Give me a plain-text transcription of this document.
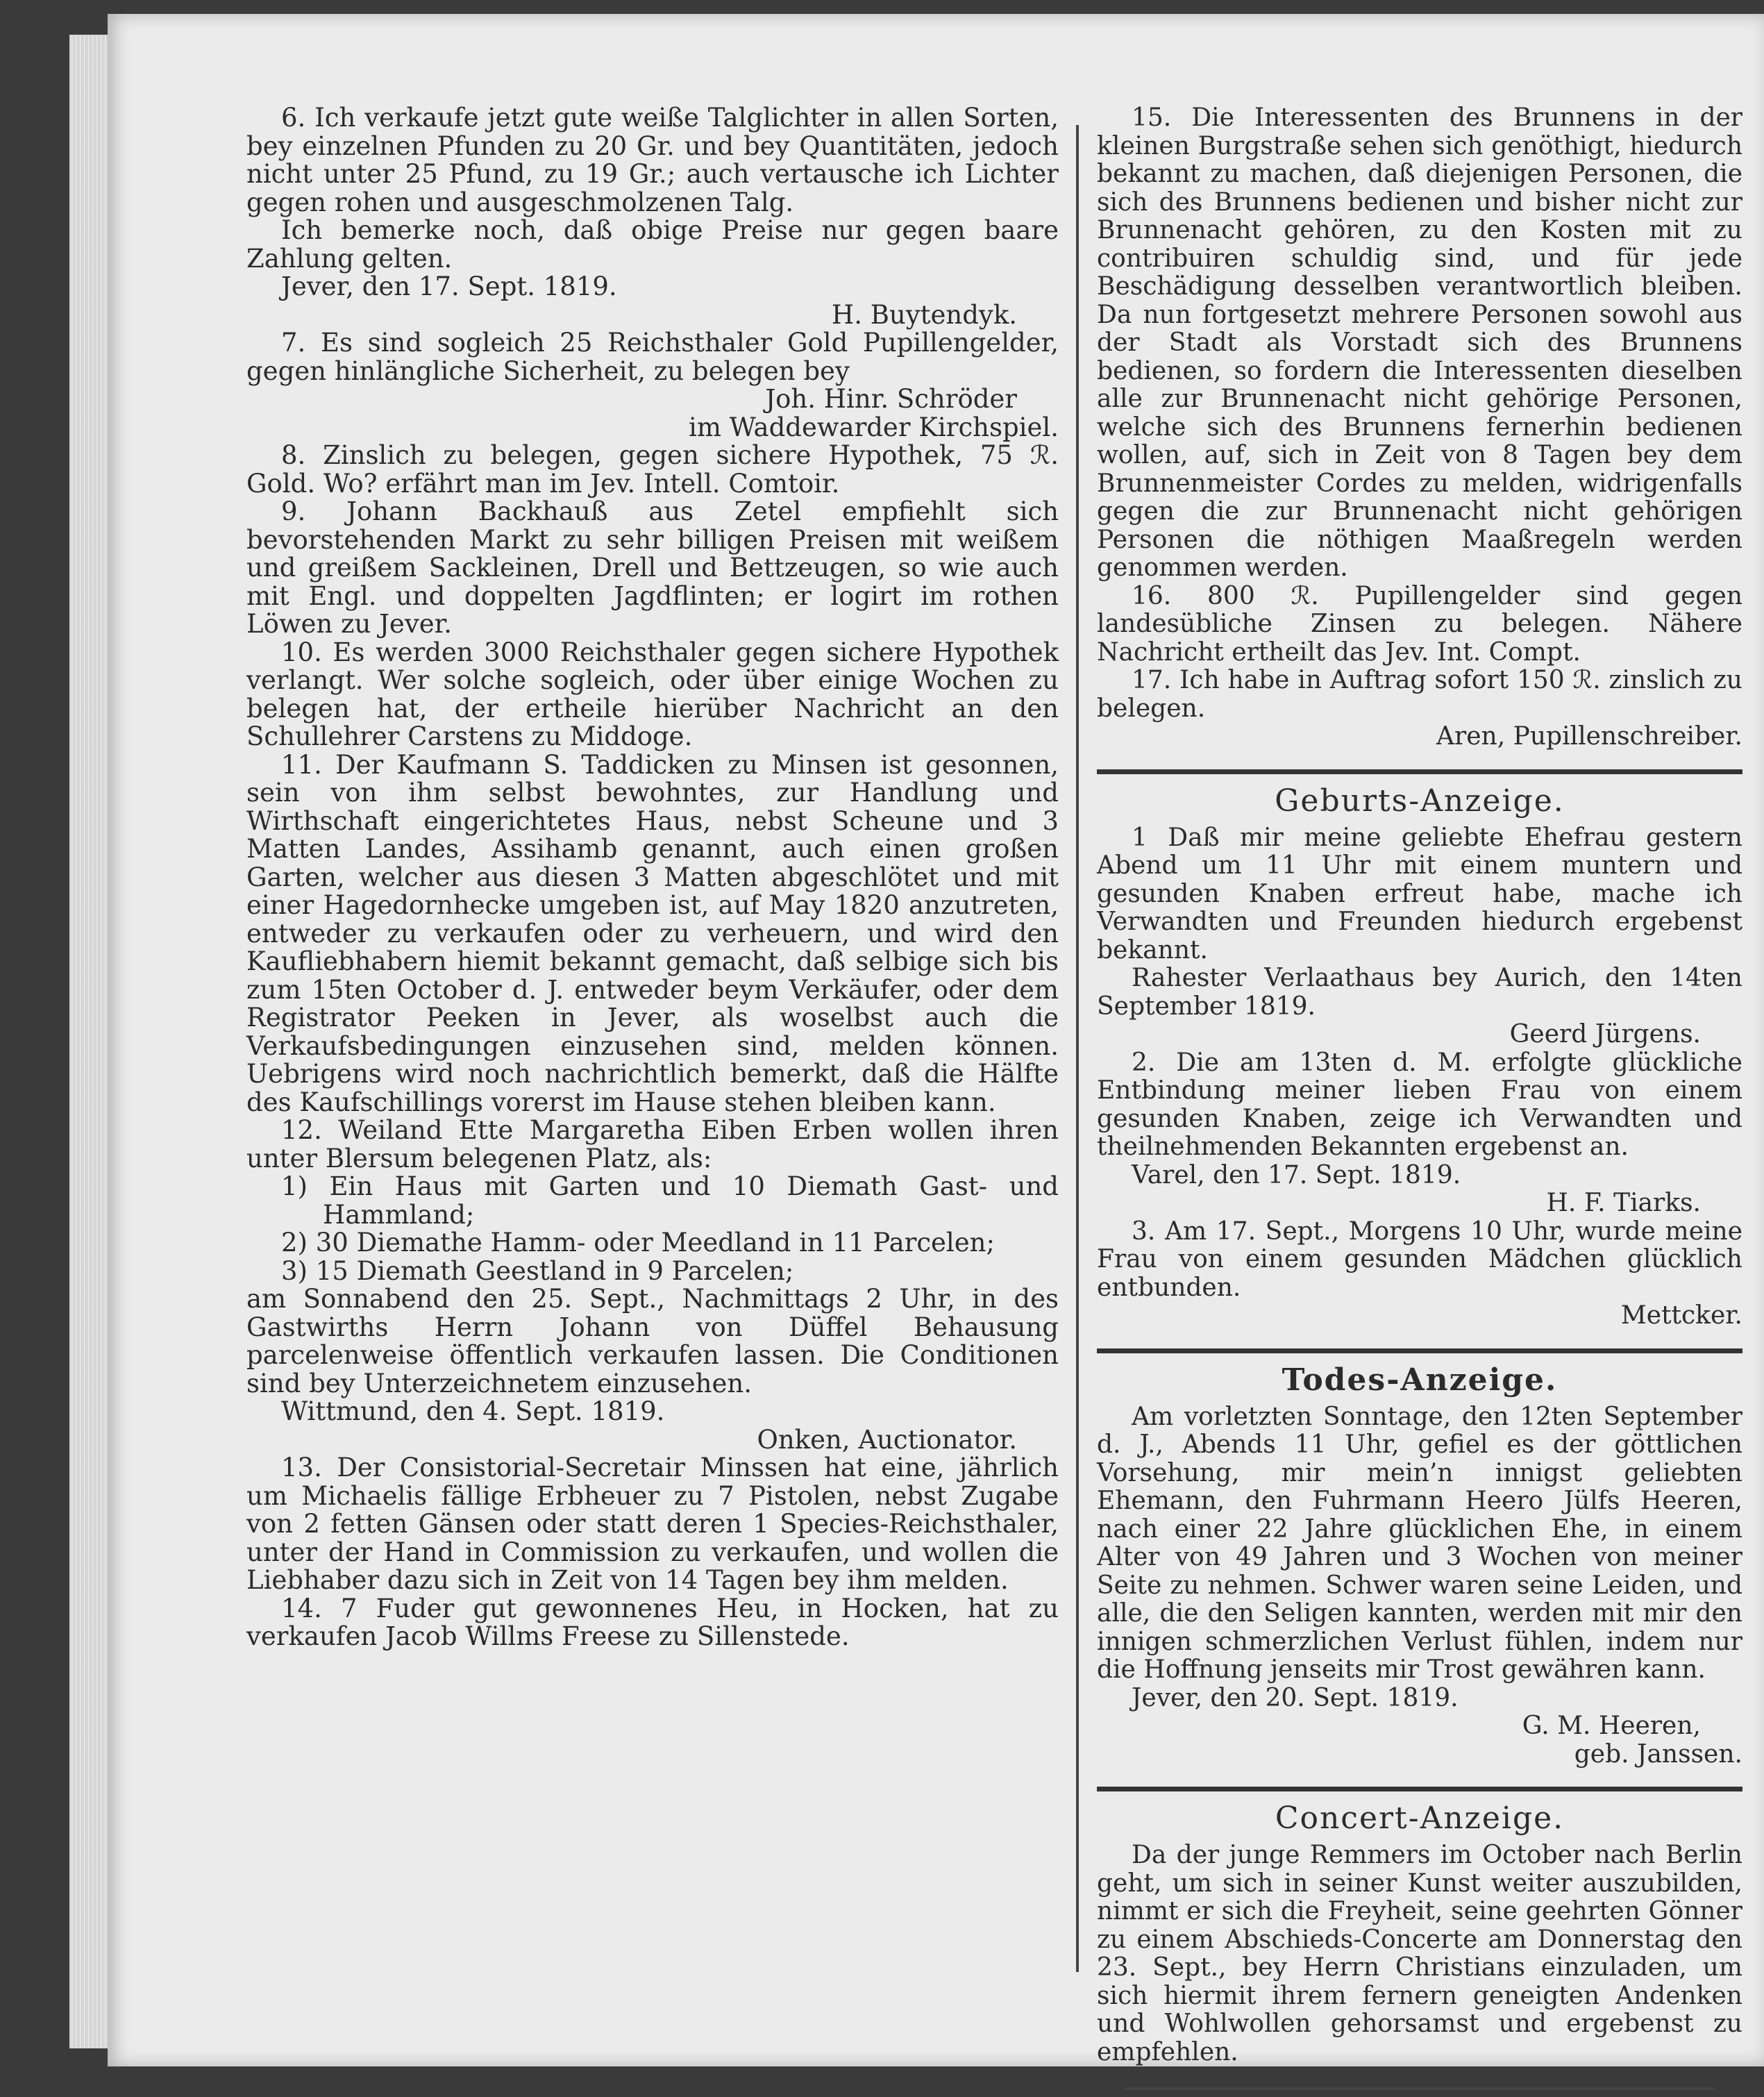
6. Ich verkaufe jetzt gute weiße Talglichter in allen Sorten, bey einzelnen Pfunden zu 20 Gr. und bey Quantitäten, jedoch nicht unter 25 Pfund, zu 19 Gr.; auch vertausche ich Lichter gegen rohen und ausgeschmolzenen Talg.

Ich bemerke noch, daß obige Preise nur gegen baare Zahlung gelten.

Jever, den 17. Sept. 1819.

H. Buytendyk.

7. Es sind sogleich 25 Reichsthaler Gold Pupillengelder, gegen hinlängliche Sicherheit, zu belegen bey

Joh. Hinr. Schröder

im Waddewarder Kirchspiel.

8. Zinslich zu belegen, gegen sichere Hypothek, 75 ℛ. Gold. Wo? erfährt man im Jev. Intell. Comtoir.

9. Johann Backhauß aus Zetel empfiehlt sich bevorstehenden Markt zu sehr billigen Preisen mit weißem und greißem Sackleinen, Drell und Bettzeugen, so wie auch mit Engl. und doppelten Jagdflinten; er logirt im rothen Löwen zu Jever.

10. Es werden 3000 Reichsthaler gegen sichere Hypothek verlangt. Wer solche sogleich, oder über einige Wochen zu belegen hat, der ertheile hierüber Nachricht an den Schullehrer Carstens zu Middoge.

11. Der Kaufmann S. Taddicken zu Minsen ist gesonnen, sein von ihm selbst bewohntes, zur Handlung und Wirthschaft eingerichtetes Haus, nebst Scheune und 3 Matten Landes, Assihamb genannt, auch einen großen Garten, welcher aus diesen 3 Matten abgeschlötet und mit einer Hagedornhecke umgeben ist, auf May 1820 anzutreten, entweder zu verkaufen oder zu verheuern, und wird den Kaufliebhabern hiemit bekannt gemacht, daß selbige sich bis zum 15ten October d. J. entweder beym Verkäufer, oder dem Registrator Peeken in Jever, als woselbst auch die Verkaufsbedingungen einzusehen sind, melden können. Uebrigens wird noch nachrichtlich bemerkt, daß die Hälfte des Kaufschillings vorerst im Hause stehen bleiben kann.

12. Weiland Ette Margaretha Eiben Erben wollen ihren unter Blersum belegenen Platz, als:

1) Ein Haus mit Garten und 10 Diemath Gast- und Hammland;

2) 30 Diemathe Hamm- oder Meedland in 11 Parcelen;

3) 15 Diemath Geestland in 9 Parcelen;

am Sonnabend den 25. Sept., Nachmittags 2 Uhr, in des Gastwirths Herrn Johann von Düffel Behausung parcelenweise öffentlich verkaufen lassen. Die Conditionen sind bey Unterzeichnetem einzusehen.

Wittmund, den 4. Sept. 1819.

Onken, Auctionator.

13. Der Consistorial-Secretair Minssen hat eine, jährlich um Michaelis fällige Erbheuer zu 7 Pistolen, nebst Zugabe von 2 fetten Gänsen oder statt deren 1 Species-Reichsthaler, unter der Hand in Commission zu verkaufen, und wollen die Liebhaber dazu sich in Zeit von 14 Tagen bey ihm melden.

14. 7 Fuder gut gewonnenes Heu, in Hocken, hat zu verkaufen Jacob Willms Freese zu Sillenstede.

15. Die Interessenten des Brunnens in der kleinen Burgstraße sehen sich genöthigt, hiedurch bekannt zu machen, daß diejenigen Personen, die sich des Brunnens bedienen und bisher nicht zur Brunnenacht gehören, zu den Kosten mit zu contribuiren schuldig sind, und für jede Beschädigung desselben verantwortlich bleiben. Da nun fortgesetzt mehrere Personen sowohl aus der Stadt als Vorstadt sich des Brunnens bedienen, so fordern die Interessenten dieselben alle zur Brunnenacht nicht gehörige Personen, welche sich des Brunnens fernerhin bedienen wollen, auf, sich in Zeit von 8 Tagen bey dem Brunnenmeister Cordes zu melden, widrigenfalls gegen die zur Brunnenacht nicht gehörigen Personen die nöthigen Maaßregeln werden genommen werden.

16. 800 ℛ. Pupillengelder sind gegen landesübliche Zinsen zu belegen. Nähere Nachricht ertheilt das Jev. Int. Compt.

17. Ich habe in Auftrag sofort 150 ℛ. zinslich zu belegen.

Aren, Pupillenschreiber.

Geburts-Anzeige.

1 Daß mir meine geliebte Ehefrau gestern Abend um 11 Uhr mit einem muntern und gesunden Knaben erfreut habe, mache ich Verwandten und Freunden hiedurch ergebenst bekannt.

Rahester Verlaathaus bey Aurich, den 14ten September 1819.

Geerd Jürgens.

2. Die am 13ten d. M. erfolgte glückliche Entbindung meiner lieben Frau von einem gesunden Knaben, zeige ich Verwandten und theilnehmenden Bekannten ergebenst an.

Varel, den 17. Sept. 1819.

H. F. Tiarks.

3. Am 17. Sept., Morgens 10 Uhr, wurde meine Frau von einem gesunden Mädchen glücklich entbunden.

Mettcker.

Todes-Anzeige.

Am vorletzten Sonntage, den 12ten September d. J., Abends 11 Uhr, gefiel es der göttlichen Vorsehung, mir mein’n innigst geliebten Ehemann, den Fuhrmann Heero Jülfs Heeren, nach einer 22 Jahre glücklichen Ehe, in einem Alter von 49 Jahren und 3 Wochen von meiner Seite zu nehmen. Schwer waren seine Leiden, und alle, die den Seligen kannten, werden mit mir den innigen schmerzlichen Verlust fühlen, indem nur die Hoffnung jenseits mir Trost gewähren kann.

Jever, den 20. Sept. 1819.

G. M. Heeren,

geb. Janssen.

Concert-Anzeige.

Da der junge Remmers im October nach Berlin geht, um sich in seiner Kunst weiter auszubilden, nimmt er sich die Freyheit, seine geehrten Gönner zu einem Abschieds-Concerte am Donnerstag den 23. Sept., bey Herrn Christians einzuladen, um sich hiermit ihrem fernern geneigten Andenken und Wohlwollen gehorsamst und ergebenst zu empfehlen.
